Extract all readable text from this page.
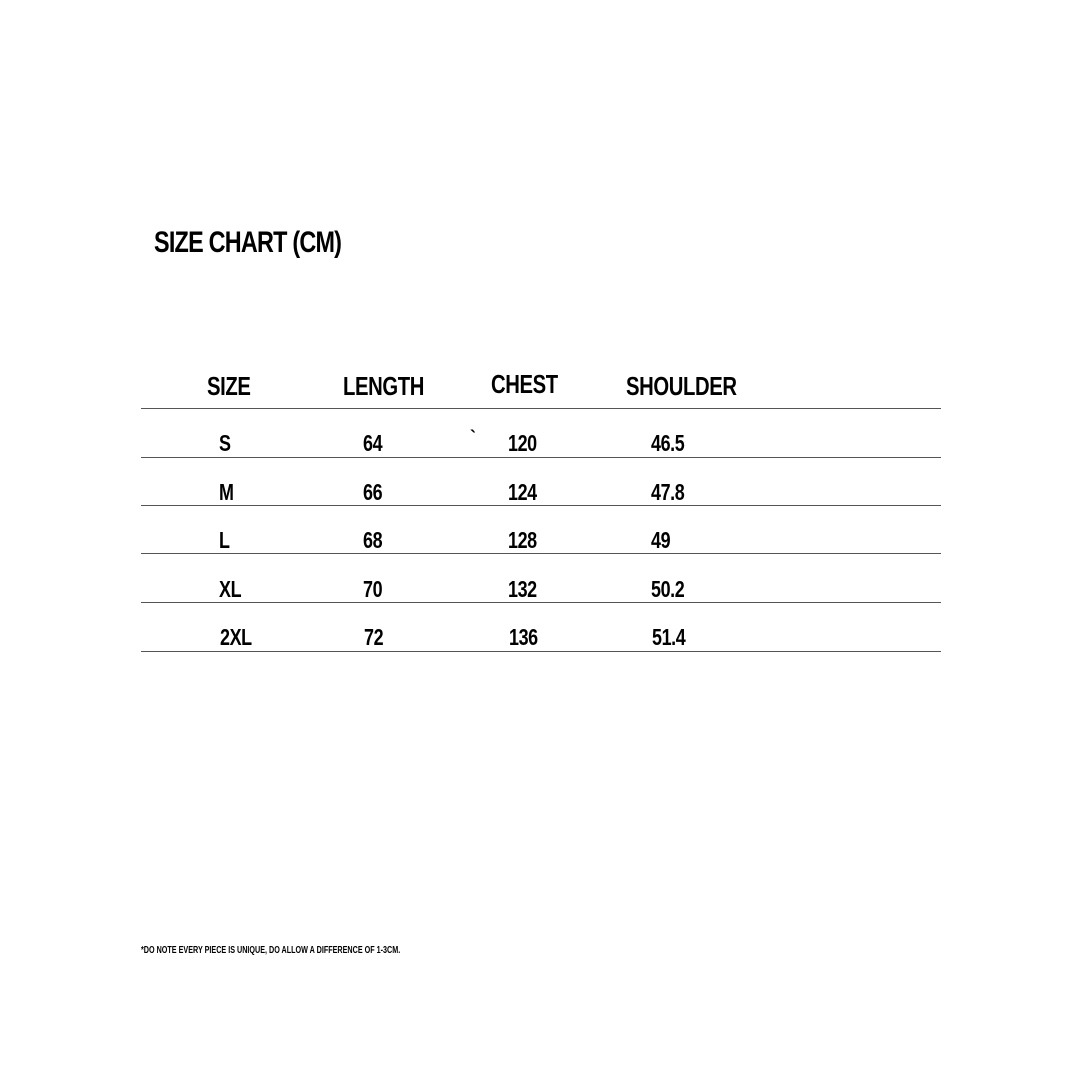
SIZE CHART (CM)
SIZE	LENGTH	CHEST	SHOULDER
S	64	` 120	46.5
M	66	124	47.8
L	68	128	49
XL	70	132	50.2
2XL	72	136	51.4
*DO NOTE EVERY PIECE IS UNIQUE, DO ALLOW A DIFFERENCE OF 1-3CM.
